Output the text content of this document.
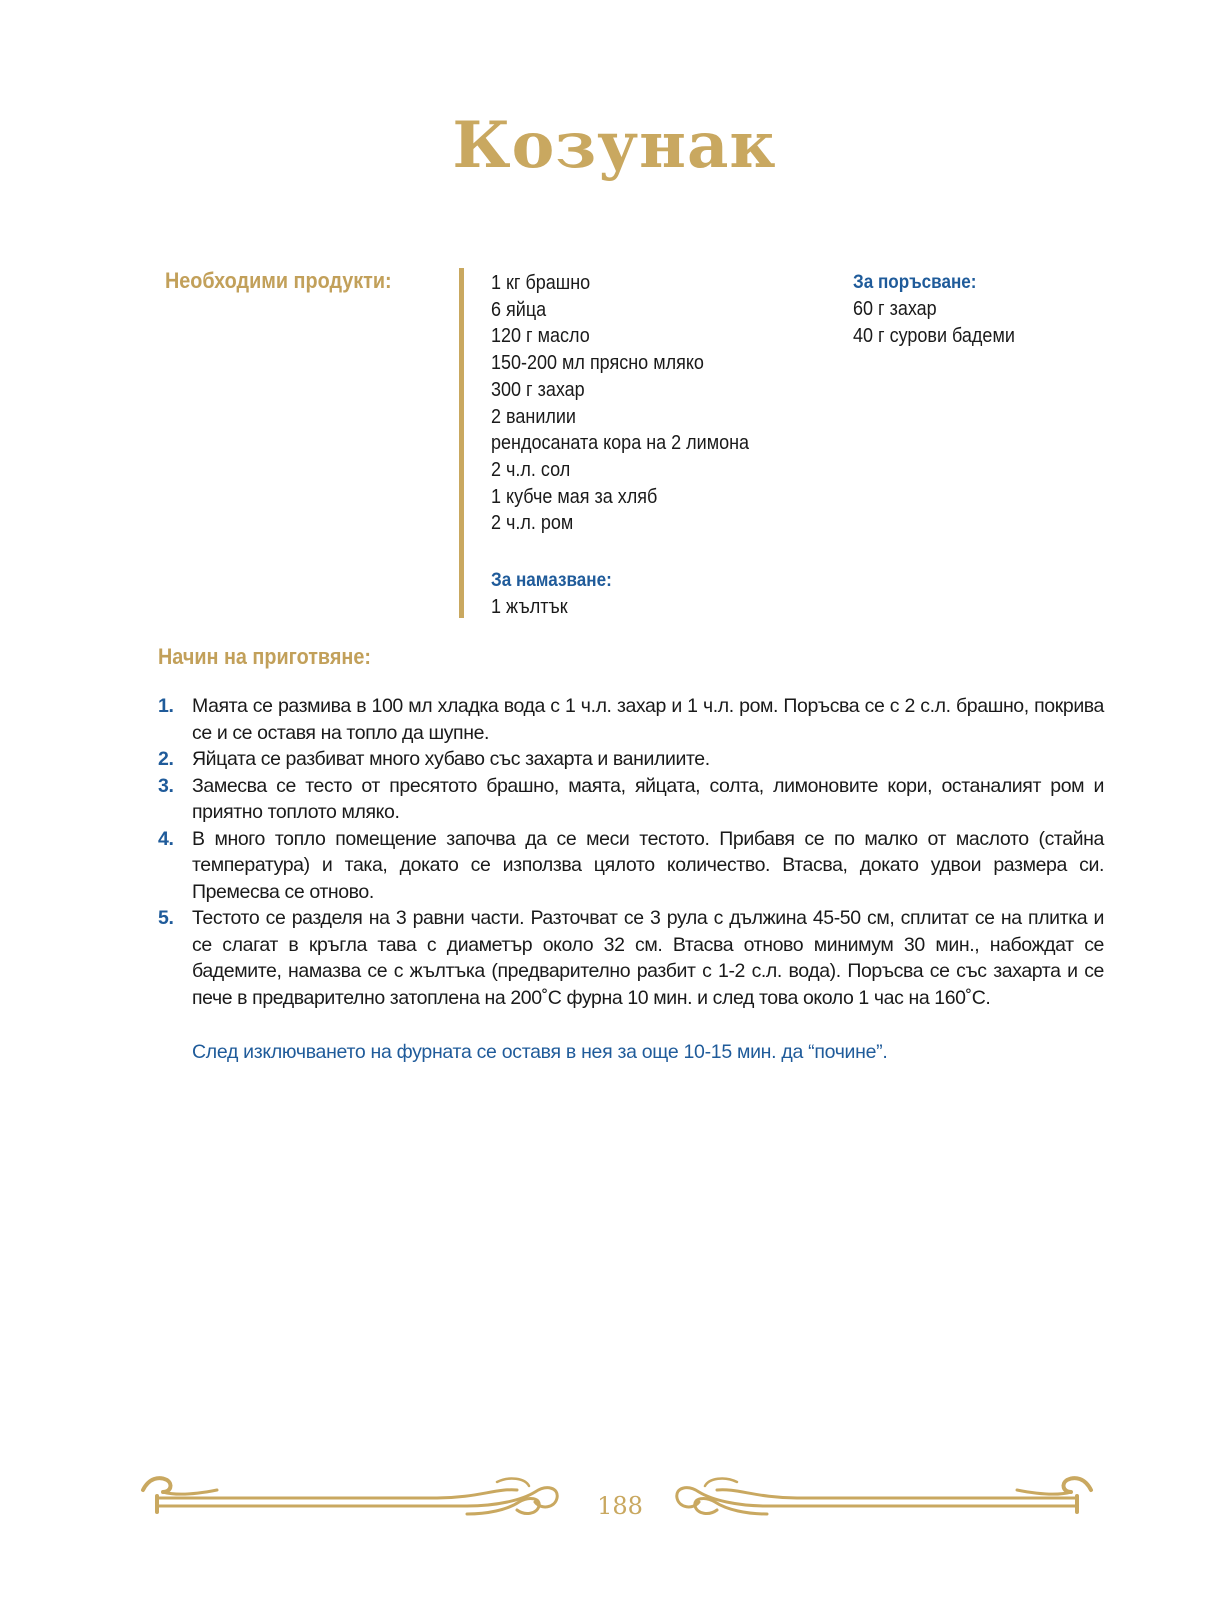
Козунак
Необходими продукти:	1 кг брашно
6 яйца
120 г масло
150-200 мл прясно мляко
300 г захар
2 ванилии
рендосаната кора на 2 лимона
2 ч.л. сол
1 кубче мая за хляб
2 ч.л. ром
За намазване:
1 жълтък
За поръсване:
60 г захар
40 г сурови бадеми
Начин на приготвяне:
1. Маята се размива в 100 мл хладка вода с 1 ч.л. захар и 1 ч.л. ром. Поръсва се с 2 с.л. брашно, покрива се и се оставя на топло да шупне.
2. Яйцата се разбиват много хубаво със захарта и ванилиите.
3. Замесва се тесто от пресятото брашно, маята, яйцата, солта, лимоновите кори, останалият ром и приятно топлото мляко.
4. В много топло помещение започва да се меси тестото. Прибавя се по малко от маслото (стайна температура) и така, докато се използва цялото количество. Втасва, докато удвои размера си. Премесва се отново.
5. Тестото се разделя на 3 равни части. Разточват се 3 рула с дължина 45-50 см, сплитат се на плитка и се слагат в кръгла тава с диаметър около 32 см. Втасва отново минимум 30 мин., набождат се бадемите, намазва се с жълтъка (предварително разбит с 1-2 с.л. вода). Поръсва се със захарта и се пече в предварително затоплена на 200˚С фурна 10 мин. и след това около 1 час на 160˚С.
След изключването на фурната се оставя в нея за още 10-15 мин. да “почине”.
188
